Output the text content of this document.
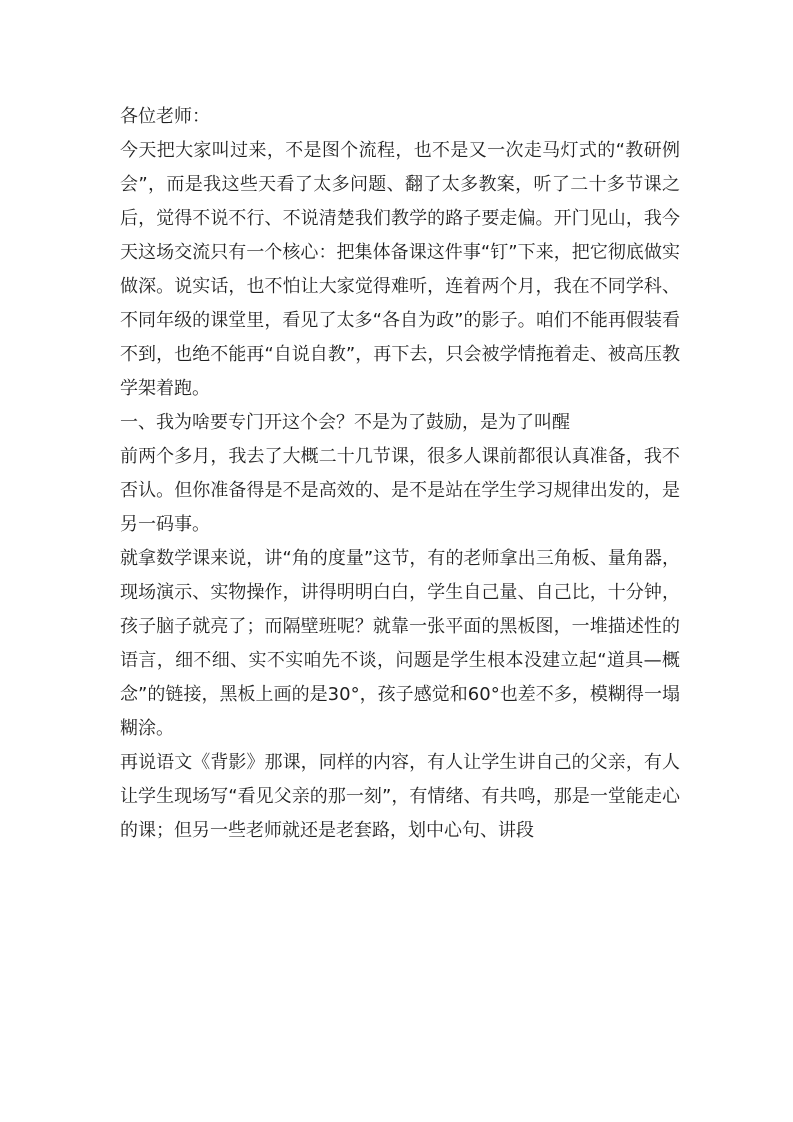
各位老师：

今天把大家叫过来，不是图个流程，也不是又一次走马灯式的“教研例会”，而是我这些天看了太多问题、翻了太多教案，听了二十多节课之后，觉得不说不行、不说清楚我们教学的路子要走偏。开门见山，我今天这场交流只有一个核心：把集体备课这件事“钉”下来，把它彻底做实做深。说实话，也不怕让大家觉得难听，连着两个月，我在不同学科、不同年级的课堂里，看见了太多“各自为政”的影子。咱们不能再假装看不到，也绝不能再“自说自教”，再下去，只会被学情拖着走、被高压教学架着跑。

一、我为啥要专门开这个会？不是为了鼓励，是为了叫醒

前两个多月，我去了大概二十几节课，很多人课前都很认真准备，我不否认。但你准备得是不是高效的、是不是站在学生学习规律出发的，是另一码事。

就拿数学课来说，讲“角的度量”这节，有的老师拿出三角板、量角器，现场演示、实物操作，讲得明明白白，学生自己量、自己比，十分钟，孩子脑子就亮了；而隔壁班呢？就靠一张平面的黑板图，一堆描述性的语言，细不细、实不实咱先不谈，问题是学生根本没建立起“道具—概念”的链接，黑板上画的是30°，孩子感觉和60°也差不多，模糊得一塌糊涂。

再说语文《背影》那课，同样的内容，有人让学生讲自己的父亲，有人让学生现场写“看见父亲的那一刻”，有情绪、有共鸣，那是一堂能走心的课；但另一些老师就还是老套路，划中心句、讲段
